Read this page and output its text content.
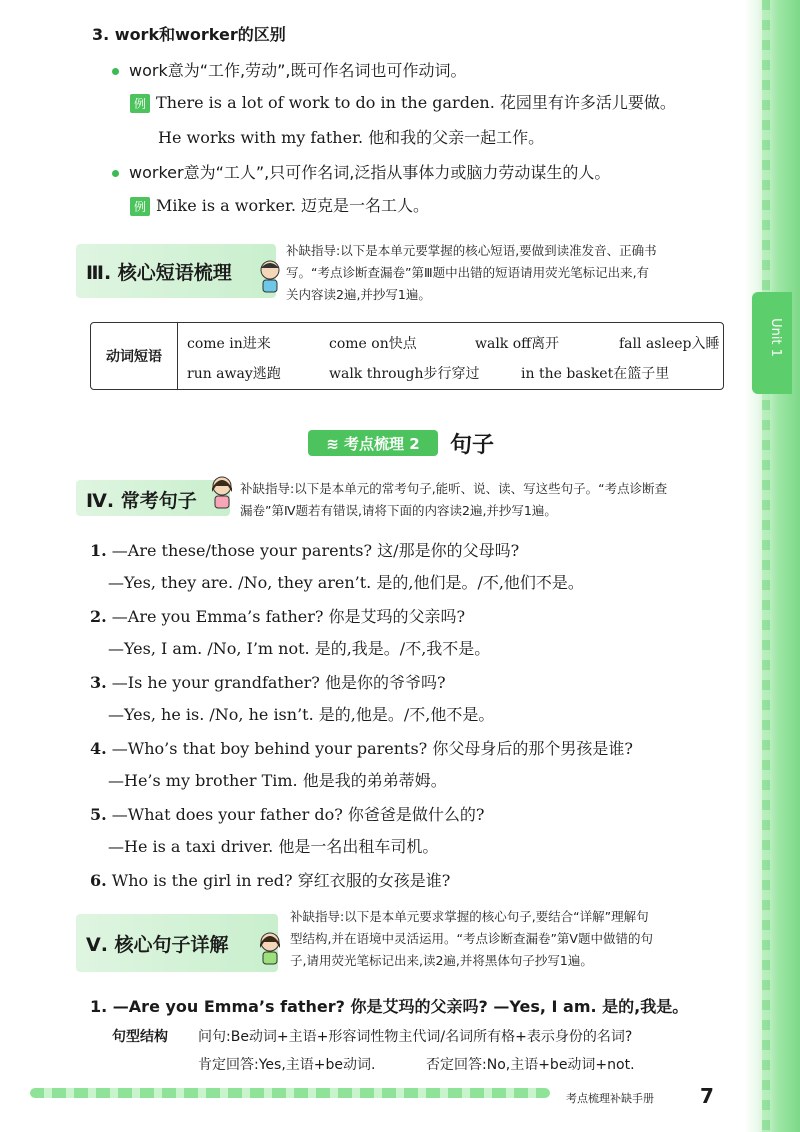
Unit 1
3. work和worker的区别
work意为“工作,劳动”,既可作名词也可作动词。
例 There is a lot of work to do in the garden. 花园里有许多活儿要做。
He works with my father. 他和我的父亲一起工作。
worker意为“工人”,只可作名词,泛指从事体力或脑力劳动谋生的人。
例 Mike is a worker. 迈克是一名工人。
Ⅲ. 核心短语梳理
补缺指导:以下是本单元要掌握的核心短语,要做到读准发音、正确书
写。“考点诊断查漏卷”第Ⅲ题中出错的短语请用荧光笔标记出来,有
关内容读2遍,并抄写1遍。
动词短语
come in进来	come on快点	walk off离开	fall asleep入睡
run away逃跑	walk through步行穿过	in the basket在篮子里
≋ 考点梳理 2	句子
Ⅳ. 常考句子
补缺指导:以下是本单元的常考句子,能听、说、读、写这些句子。“考点诊断查
漏卷”第Ⅳ题若有错误,请将下面的内容读2遍,并抄写1遍。
1. —Are these/those your parents? 这/那是你的父母吗?
—Yes, they are. /No, they aren’t. 是的,他们是。/不,他们不是。
2. —Are you Emma’s father? 你是艾玛的父亲吗?
—Yes, I am. /No, I’m not. 是的,我是。/不,我不是。
3. —Is he your grandfather? 他是你的爷爷吗?
—Yes, he is. /No, he isn’t. 是的,他是。/不,他不是。
4. —Who’s that boy behind your parents? 你父母身后的那个男孩是谁?
—He’s my brother Tim. 他是我的弟弟蒂姆。
5. —What does your father do? 你爸爸是做什么的?
—He is a taxi driver. 他是一名出租车司机。
6. Who is the girl in red? 穿红衣服的女孩是谁?
Ⅴ. 核心句子详解
补缺指导:以下是本单元要求掌握的核心句子,要结合“详解”理解句
型结构,并在语境中灵活运用。“考点诊断查漏卷”第Ⅴ题中做错的句
子,请用荧光笔标记出来,读2遍,并将黑体句子抄写1遍。
1. —Are you Emma’s father? 你是艾玛的父亲吗? —Yes, I am. 是的,我是。
句型结构 问句:Be动词+主语+形容词性物主代词/名词所有格+表示身份的名词?
肯定回答:Yes,主语+be动词.	否定回答:No,主语+be动词+not.
考点梳理补缺手册 7
